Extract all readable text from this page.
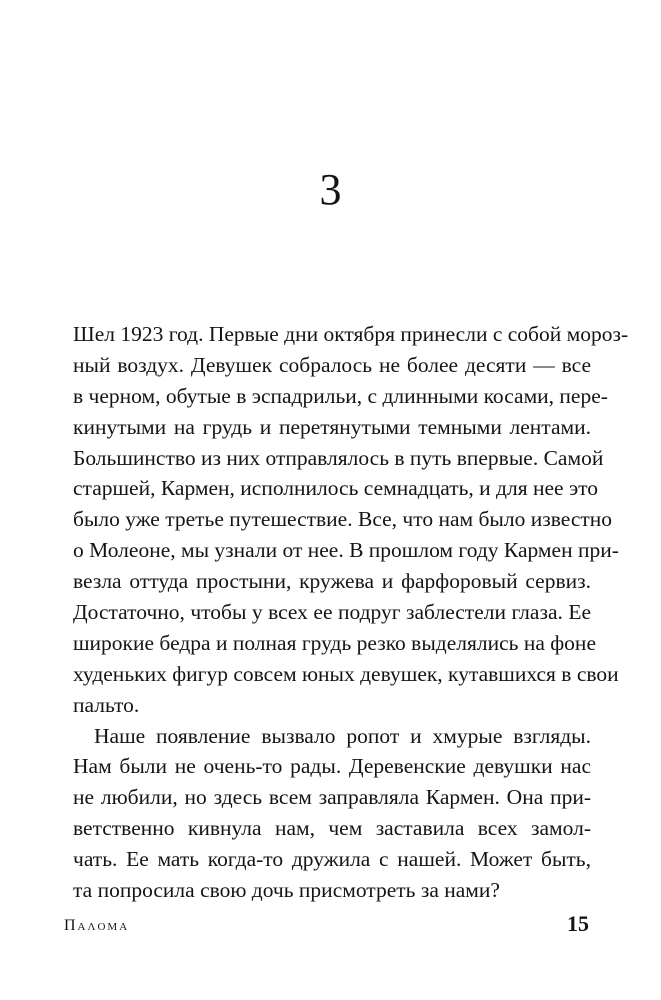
3
Шел 1923 год. Первые дни октября принесли с собой мороз-
ный воздух. Девушек собралось не более десяти — все
в черном, обутые в эспадрильи, с длинными косами, пере-
кинутыми на грудь и перетянутыми темными лентами.
Большинство из них отправлялось в путь впервые. Самой
старшей, Кармен, исполнилось семнадцать, и для нее это
было уже третье путешествие. Все, что нам было известно
о Молеоне, мы узнали от нее. В прошлом году Кармен при-
везла оттуда простыни, кружева и фарфоровый сервиз.
Достаточно, чтобы у всех ее подруг заблестели глаза. Ее
широкие бедра и полная грудь резко выделялись на фоне
худеньких фигур совсем юных девушек, кутавшихся в свои
пальто.
Наше появление вызвало ропот и хмурые взгляды.
Нам были не очень-то рады. Деревенские девушки нас
не любили, но здесь всем заправляла Кармен. Она при-
ветственно кивнула нам, чем заставила всех замол-
чать. Ее мать когда-то дружила с нашей. Может быть,
та попросила свою дочь присмотреть за нами?
Паλома	15
